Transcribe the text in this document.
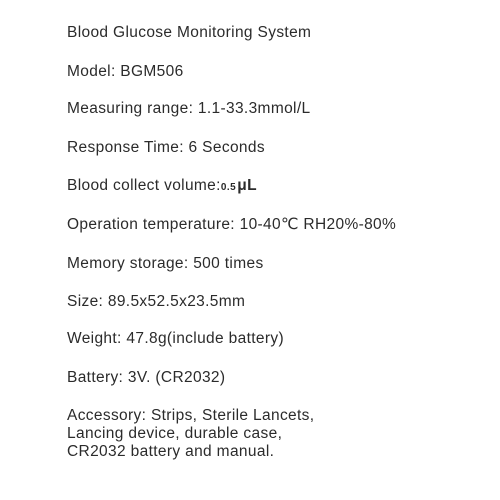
Blood Glucose Monitoring System
Model: BGM506
Measuring range: 1.1-33.3mmol/L
Response Time: 6 Seconds
Blood collect volume:0.5μL
Operation temperature: 10-40℃ RH20%-80%
Memory storage: 500 times
Size: 89.5x52.5x23.5mm
Weight: 47.8g(include battery)
Battery: 3V. (CR2032)
Accessory: Strips, Sterile Lancets,
Lancing device, durable case,
CR2032 battery and manual.
